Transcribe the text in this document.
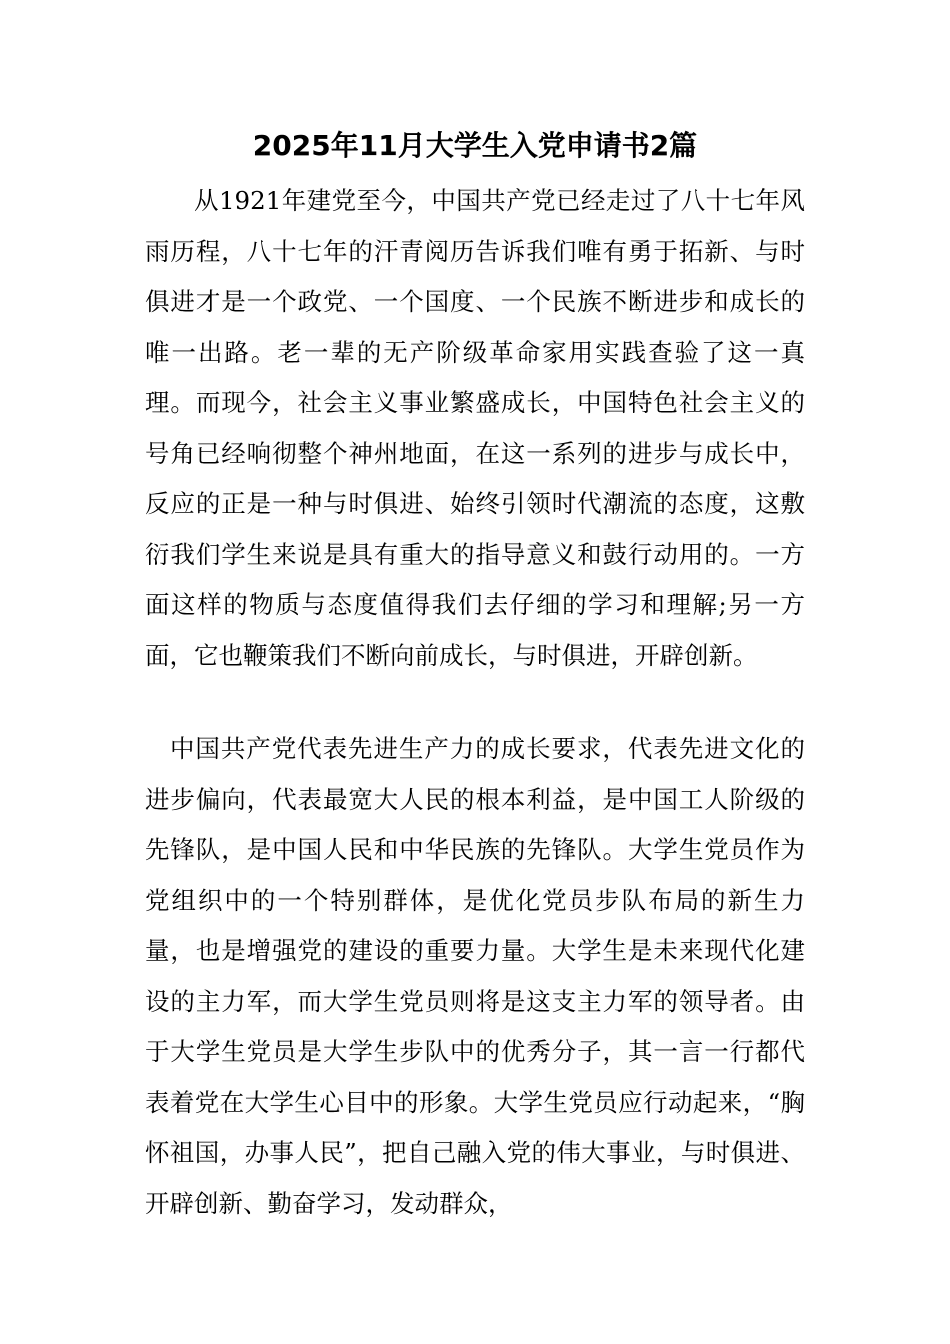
2025年11月大学生入党申请书2篇

从1921年建党至今，中国共产党已经走过了八十七年风雨历程，八十七年的汗青阅历告诉我们唯有勇于拓新、与时俱进才是一个政党、一个国度、一个民族不断进步和成长的唯一出路。老一辈的无产阶级革命家用实践查验了这一真理。而现今，社会主义事业繁盛成长，中国特色社会主义的号角已经响彻整个神州地面，在这一系列的进步与成长中，反应的正是一种与时俱进、始终引领时代潮流的态度，这敷衍我们学生来说是具有重大的指导意义和鼓行动用的。一方面这样的物质与态度值得我们去仔细的学习和理解;另一方面，它也鞭策我们不断向前成长，与时俱进，开辟创新。

中国共产党代表先进生产力的成长要求，代表先进文化的进步偏向，代表最宽大人民的根本利益，是中国工人阶级的先锋队，是中国人民和中华民族的先锋队。大学生党员作为党组织中的一个特别群体，是优化党员步队布局的新生力量，也是增强党的建设的重要力量。大学生是未来现代化建设的主力军，而大学生党员则将是这支主力军的领导者。由于大学生党员是大学生步队中的优秀分子，其一言一行都代表着党在大学生心目中的形象。大学生党员应行动起来，“胸怀祖国，办事人民”，把自己融入党的伟大事业，与时俱进、开辟创新、勤奋学习，发动群众，
